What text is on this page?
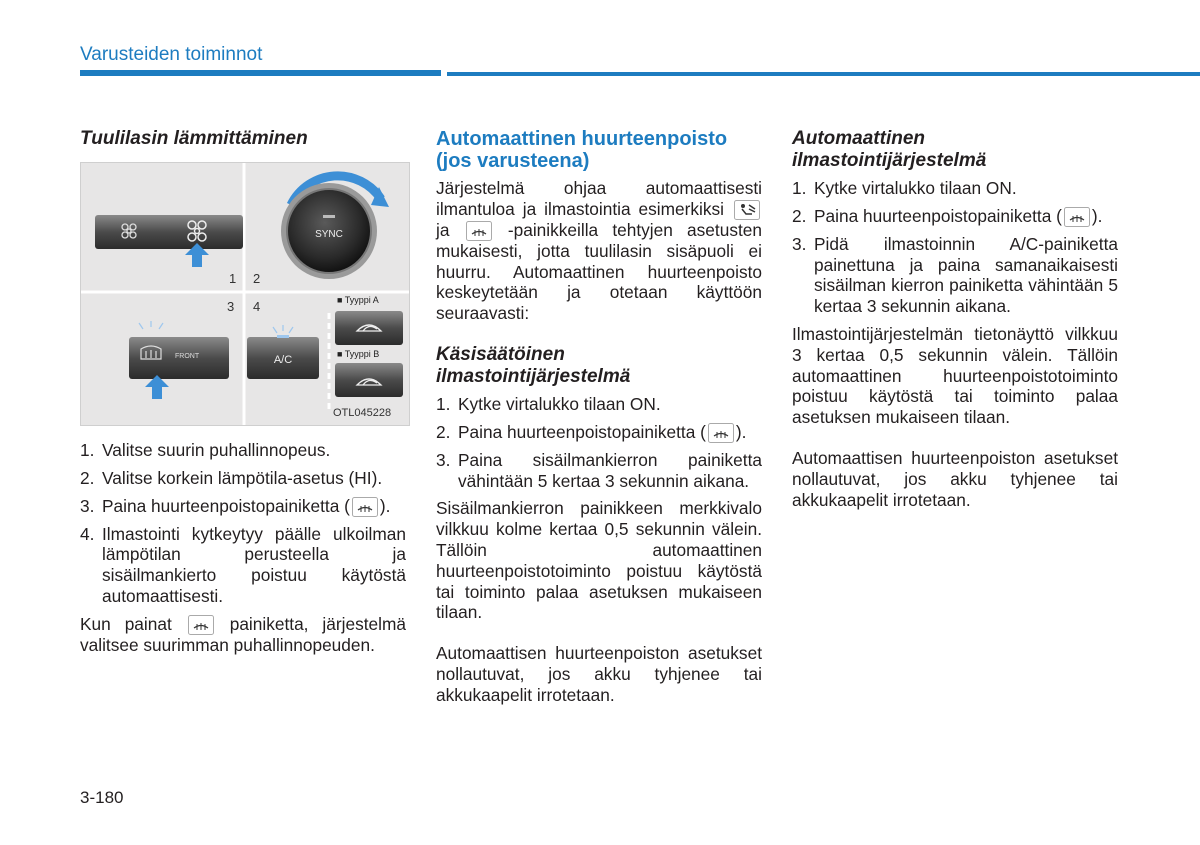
Varusteiden toiminnot
Tuulilasin lämmittäminen
1
SYNC
2
3
FRONT
4
A/C
■ Tyyppi A
■ Tyyppi B
OTL045228
1. Valitse suurin puhallinnopeus.
2. Valitse korkein lämpötila-asetus (HI).
3. Paina huurteenpoistopainiketta ( ).
4. Ilmastointi kytkeytyy päälle ulkoilman lämpötilan perusteella ja sisäilmankierto poistuu käytöstä automaattisesti.

Kun painat	painiketta, järjestelmä valitsee suurimman puhallinnopeuden.

Automaattinen huurteenpoisto (jos varusteena)

Järjestelmä ohjaa automaattisesti ilmantuloa ja ilmastointia esimerkiksi  ja	-painikkeilla tehtyjen asetusten mukaisesti, jotta tuulilasin sisäpuoli ei huurru. Automaattinen huurteenpoisto keskeytetään ja otetaan käyttöön seuraavasti:

Käsisäätöinen ilmastointijärjestelmä
1. Kytke virtalukko tilaan ON.
2. Paina huurteenpoistopainiketta ( ).
3. Paina sisäilmankierron painiketta vähintään 5 kertaa 3 sekunnin aikana.

Sisäilmankierron painikkeen merkkivalo vilkkuu kolme kertaa 0,5 sekunnin välein. Tällöin automaattinen huurteenpoistotoiminto poistuu käytöstä tai toiminto palaa asetuksen mukaiseen tilaan.

Automaattisen huurteenpoiston asetukset nollautuvat, jos akku tyhjenee tai akkukaapelit irrotetaan.

Automaattinen ilmastointijärjestelmä
1. Kytke virtalukko tilaan ON.
2. Paina huurteenpoistopainiketta ( ).
3. Pidä ilmastoinnin A/C-painiketta painettuna ja paina samanaikaisesti sisäilman kierron painiketta vähintään 5 kertaa 3 sekunnin aikana.

Ilmastointijärjestelmän tietonäyttö vilkkuu 3 kertaa 0,5 sekunnin välein. Tällöin automaattinen huurteenpoistotoiminto poistuu käytöstä tai toiminto palaa asetuksen mukaiseen tilaan.

Automaattisen huurteenpoiston asetukset nollautuvat, jos akku tyhjenee tai akkukaapelit irrotetaan.

3-180
